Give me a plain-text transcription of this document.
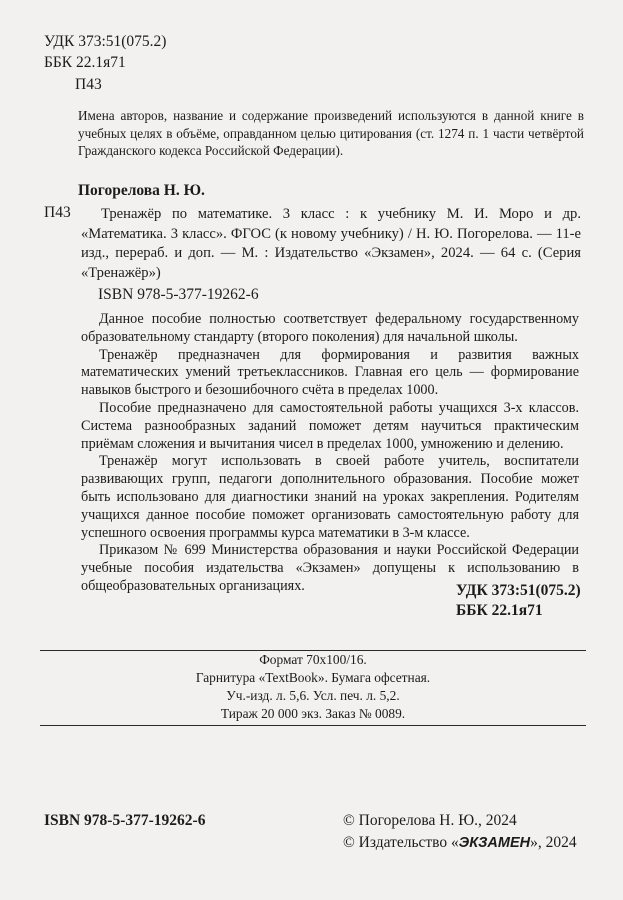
УДК 373:51(075.2)
ББК 22.1я71
П43

Имена авторов, название и содержание произведений используются в данной книге в учебных целях в объёме, оправданном целью цитирования (ст. 1274 п. 1 части четвёртой Гражданского кодекса Российской Федерации).

Погорелова Н. Ю.
П43	Тренажёр по математике. 3 класс : к учебнику М. И. Моро и др. «Математика. 3 класс». ФГОС (к новому учебнику) / Н. Ю. Погорелова. — 11-е изд., перераб. и доп. — М. : Издательство «Экзамен», 2024. — 64 с. (Серия «Тренажёр»)

ISBN 978-5-377-19262-6

Данное пособие полностью соответствует федеральному государственному образовательному стандарту (второго поколения) для начальной школы.

Тренажёр предназначен для формирования и развития важных математических умений третьеклассников. Главная его цель — формирование навыков быстрого и безошибочного счёта в пределах 1000.

Пособие предназначено для самостоятельной работы учащихся 3-х классов. Система разнообразных заданий поможет детям научиться практическим приёмам сложения и вычитания чисел в пределах 1000, умножению и делению.

Тренажёр могут использовать в своей работе учитель, воспитатели развивающих групп, педагоги дополнительного образования. Пособие может быть использовано для диагностики знаний на уроках закрепления. Родителям учащихся данное пособие поможет организовать самостоятельную работу для успешного освоения программы курса математики в 3-м классе.

Приказом № 699 Министерства образования и науки Российской Федерации учебные пособия издательства «Экзамен» допущены к использованию в общеобразовательных организациях.	УДК 373:51(075.2)
ББК 22.1я71
Формат 70x100/16.
Гарнитура «TextBook». Бумага офсетная.
Уч.-изд. л. 5,6. Усл. печ. л. 5,2.
Тираж 20 000 экз. Заказ № 0089.
ISBN 978-5-377-19262-6	© Погорелова Н. Ю., 2024
© Издательство «ЭКЗАМЕН», 2024
